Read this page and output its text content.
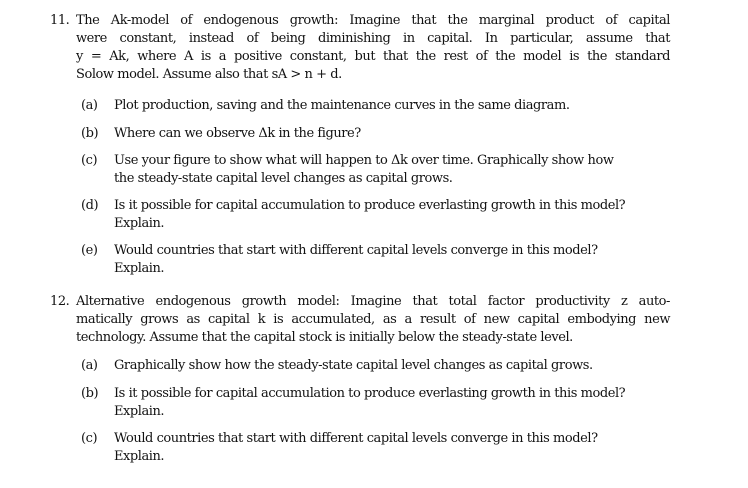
11. The Ak-model of endogenous growth: Imagine that the marginal product of capital
were constant, instead of being diminishing in capital. In particular, assume that
y = Ak, where A is a positive constant, but that the rest of the model is the standard
Solow model. Assume also that sA > n + d.
(a) Plot production, saving and the maintenance curves in the same diagram.
(b) Where can we observe Δk in the figure?
(c) Use your figure to show what will happen to Δk over time. Graphically show how
the steady-state capital level changes as capital grows.
(d) Is it possible for capital accumulation to produce everlasting growth in this model?
Explain.
(e) Would countries that start with different capital levels converge in this model?
Explain.
12. Alternative endogenous growth model: Imagine that total factor productivity z auto-
matically grows as capital k is accumulated, as a result of new capital embodying new
technology. Assume that the capital stock is initially below the steady-state level.
(a) Graphically show how the steady-state capital level changes as capital grows.
(b) Is it possible for capital accumulation to produce everlasting growth in this model?
Explain.
(c) Would countries that start with different capital levels converge in this model?
Explain.
